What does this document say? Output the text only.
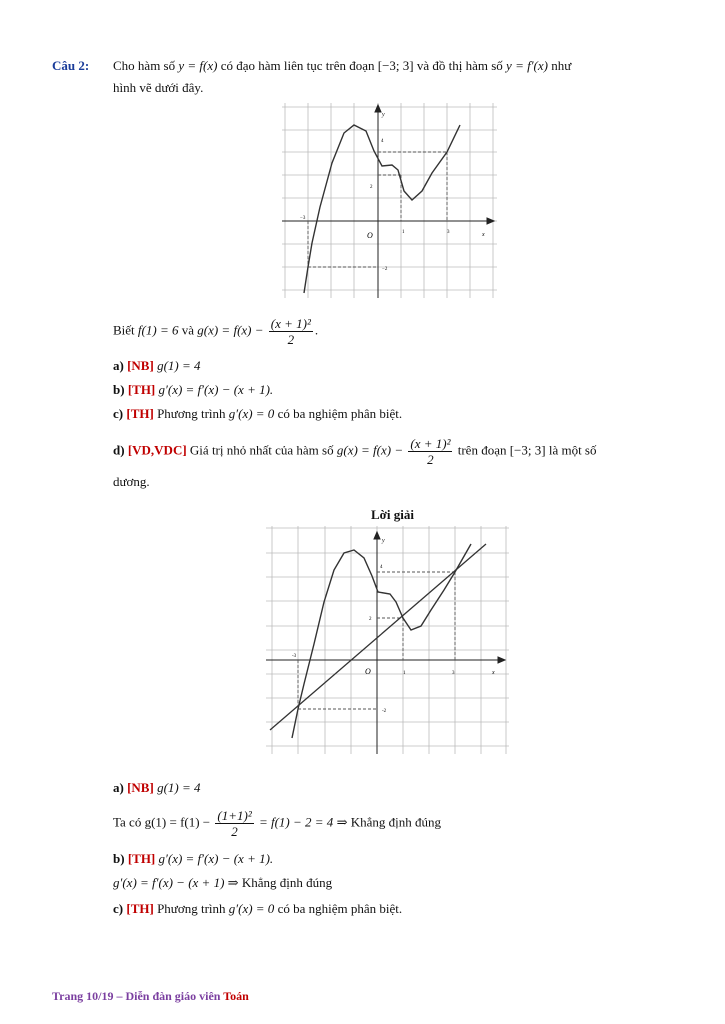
Câu 2: Cho hàm số y = f(x) có đạo hàm liên tục trên đoạn [−3; 3] và đồ thị hàm số y = f′(x) như
hình vẽ dưới đây.
y
x
O
−3
1	3
4
2
−2
Biết f(1) = 6 và $g(x) = f(x) - \frac{\text{(x + 1)²}}{2}$ .
a) [NB] g(1) = 4
b) [TH] g′(x) = f′(x) − (x + 1).
c) [TH] Phương trình g′(x) = 0 có ba nghiệm phân biệt.
d) [VD,VDC] Giá trị nhỏ nhất của hàm số $g(x) = f(x) - \frac{\text{(x + 1)²}}{2}$ trên đoạn [−3; 3] là một số
dương.
Lời giải
y
x
O
-3
1	3
4
2
-2
a) [NB] g(1) = 4
Ta có $g(1) = f(1) - \frac{\text{(1+1)²}}{2} = f(1) - 2 = 4$ ⇒ Khẳng định đúng
b) [TH] g′(x) = f′(x) − (x + 1).
g′(x) = f′(x) − (x + 1) ⇒ Khẳng định đúng
c) [TH] Phương trình g′(x) = 0 có ba nghiệm phân biệt.
Trang 10/19 – Diễn đàn giáo viên Toán
